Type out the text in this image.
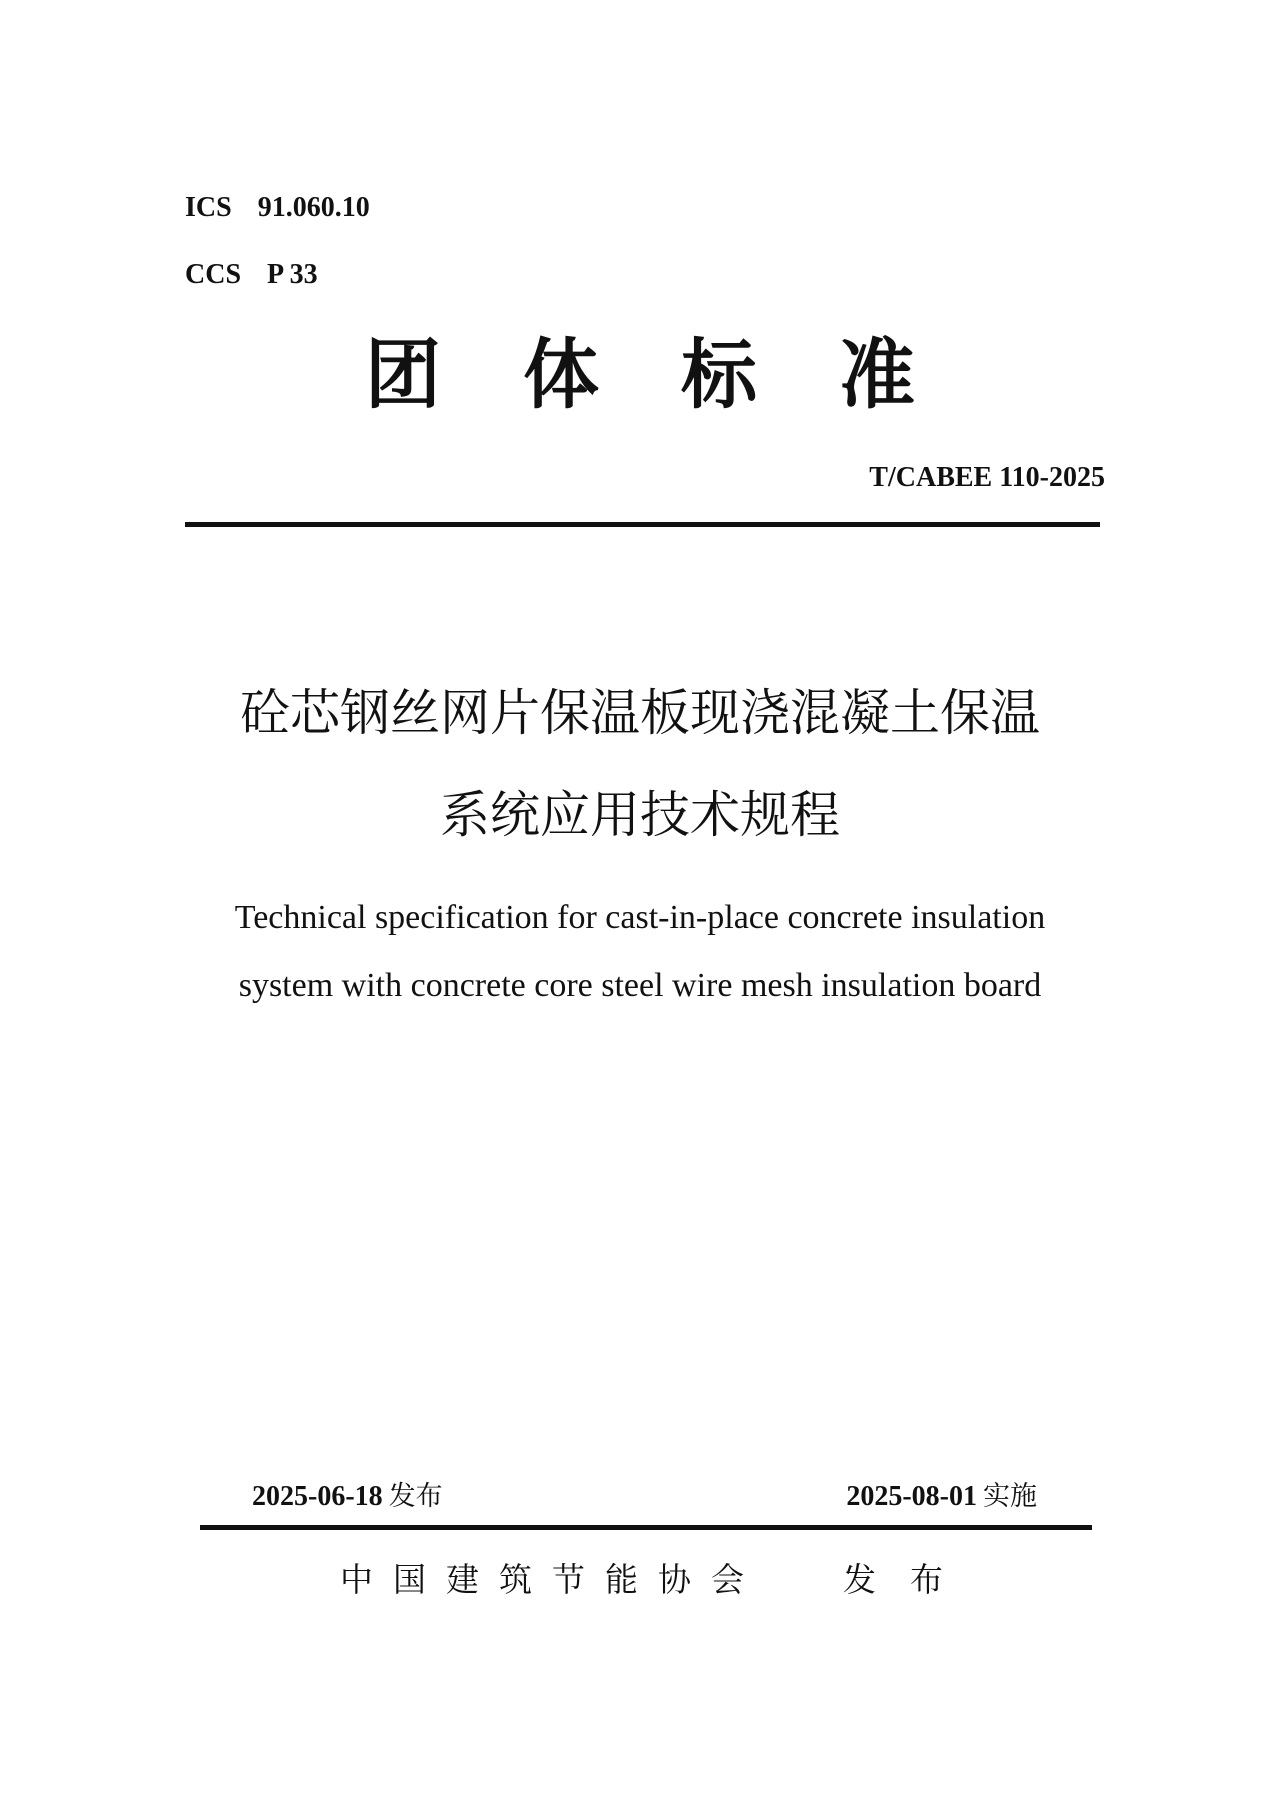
ICS 91.060.10
CCS P 33
团体标准
T/CABEE 110-2025
砼芯钢丝网片保温板现浇混凝土保温
系统应用技术规程
Technical specification for cast-in-place concrete insulation
system with concrete core steel wire mesh insulation board
2025-06-18 发布	2025-08-01 实施
中国建筑节能协会 发布
